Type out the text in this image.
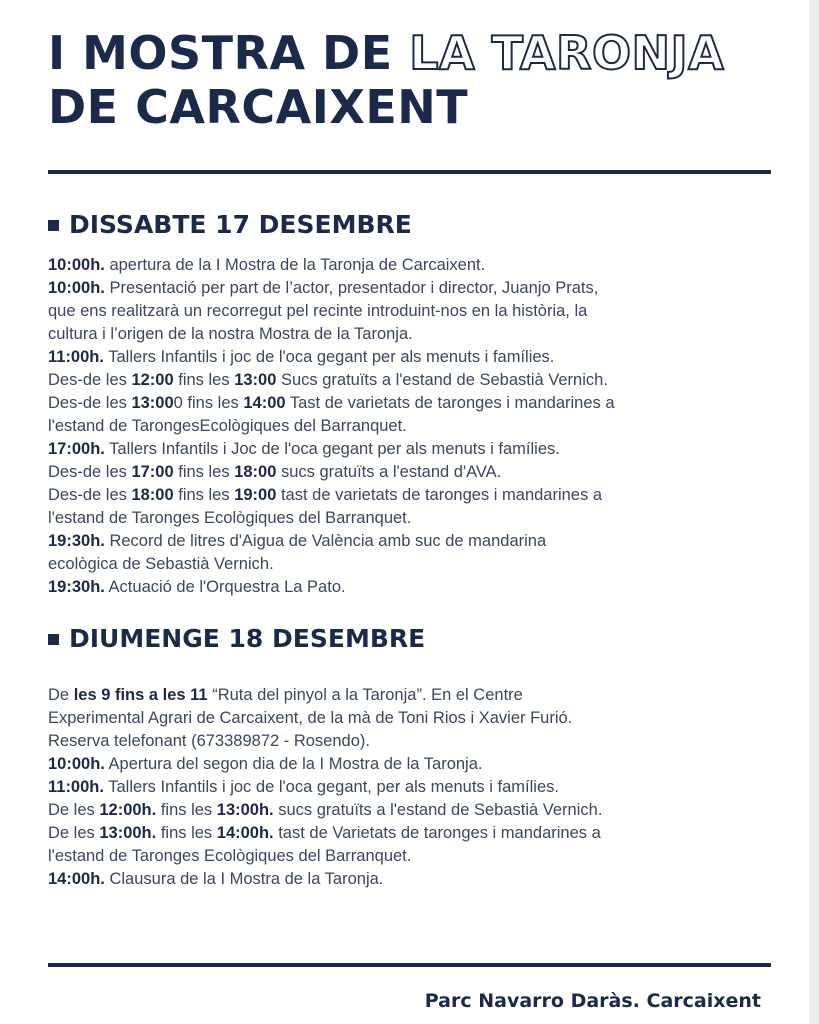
I MOSTRA DE LA TARONJA
DE CARCAIXENT
DISSABTE 17 DESEMBRE
10:00h. apertura de la I Mostra de la Taronja de Carcaixent.
10:00h. Presentació per part de l’actor, presentador i director, Juanjo Prats,
que ens realitzarà un recorregut pel recinte introduint-nos en la història, la
cultura i l’origen de la nostra Mostra de la Taronja.
11:00h. Tallers Infantils i joc de l'oca gegant per als menuts i famílies.
Des-de les 12:00 fins les 13:00 Sucs gratuïts a l'estand de Sebastià Vernich.
Des-de les 13:000 fins les 14:00 Tast de varietats de taronges i mandarines a
l'estand de TarongesEcològiques del Barranquet.
17:00h. Tallers Infantils i Joc de l'oca gegant per als menuts i famílies.
Des-de les 17:00 fins les 18:00 sucs gratuïts a l'estand d'AVA.
Des-de les 18:00 fins les 19:00 tast de varietats de taronges i mandarines a
l'estand de Taronges Ecològiques del Barranquet.
19:30h. Record de litres d'Aigua de València amb suc de mandarina
ecològica de Sebastià Vernich.
19:30h. Actuació de l'Orquestra La Pato.
DIUMENGE 18 DESEMBRE
De les 9 fins a les 11 “Ruta del pinyol a la Taronja”. En el Centre
Experimental Agrari de Carcaixent, de la mà de Toni Rios i Xavier Furió.
Reserva telefonant (673389872 - Rosendo).
10:00h. Apertura del segon dia de la I Mostra de la Taronja.
11:00h. Tallers Infantils i joc de l'oca gegant, per als menuts i famílies.
De les 12:00h. fins les 13:00h. sucs gratuïts a l'estand de Sebastià Vernich.
De les 13:00h. fins les 14:00h. tast de Varietats de taronges i mandarines a
l'estand de Taronges Ecològiques del Barranquet.
14:00h. Clausura de la I Mostra de la Taronja.
Parc Navarro Daràs. Carcaixent
